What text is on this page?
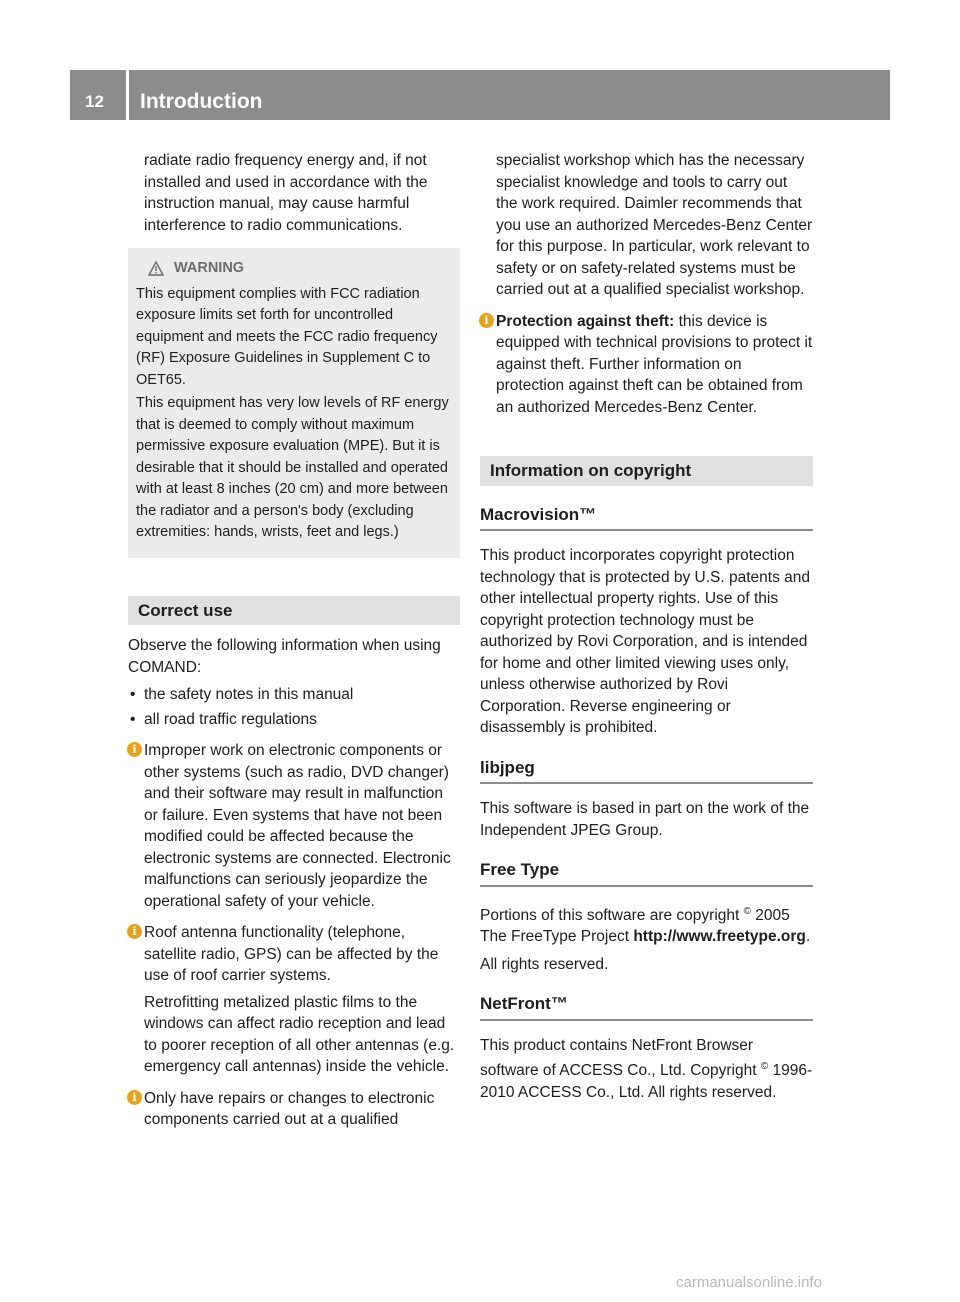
12 Introduction

radiate radio frequency energy and, if not installed and used in accordance with the instruction manual, may cause harmful interference to radio communications.

WARNING

This equipment complies with FCC radiation exposure limits set forth for uncontrolled equipment and meets the FCC radio frequency (RF) Exposure Guidelines in Supplement C to OET65.

This equipment has very low levels of RF energy that is deemed to comply without maximum permissive exposure evaluation (MPE). But it is desirable that it should be installed and operated with at least 8 inches (20 cm) and more between the radiator and a person's body (excluding extremities: hands, wrists, feet and legs.)

Correct use

Observe the following information when using COMAND:

• the safety notes in this manual
• all road traffic regulations
i Improper work on electronic components or other systems (such as radio, DVD changer) and their software may result in malfunction or failure. Even systems that have not been modified could be affected because the electronic systems are connected. Electronic malfunctions can seriously jeopardize the operational safety of your vehicle.
i Roof antenna functionality (telephone, satellite radio, GPS) can be affected by the use of roof carrier systems.

Retrofitting metalized plastic films to the windows can affect radio reception and lead to poorer reception of all other antennas (e.g. emergency call antennas) inside the vehicle.

i Only have repairs or changes to electronic components carried out at a qualified

specialist workshop which has the necessary specialist knowledge and tools to carry out the work required. Daimler recommends that you use an authorized Mercedes-Benz Center for this purpose. In particular, work relevant to safety or on safety-related systems must be carried out at a qualified specialist workshop.

i Protection against theft: this device is equipped with technical provisions to protect it against theft. Further information on protection against theft can be obtained from an authorized Mercedes-Benz Center.
Information on copyright
Macrovision™

This product incorporates copyright protection technology that is protected by U.S. patents and other intellectual property rights. Use of this copyright protection technology must be authorized by Rovi Corporation, and is intended for home and other limited viewing uses only, unless otherwise authorized by Rovi Corporation. Reverse engineering or disassembly is prohibited.

libjpeg

This software is based in part on the work of the Independent JPEG Group.

Free Type

Portions of this software are copyright © 2005 The FreeType Project http://www.freetype.org.

All rights reserved.

NetFront™

This product contains NetFront Browser software of ACCESS Co., Ltd. Copyright © 1996-2010 ACCESS Co., Ltd. All rights reserved.

carmanualsonline.info
